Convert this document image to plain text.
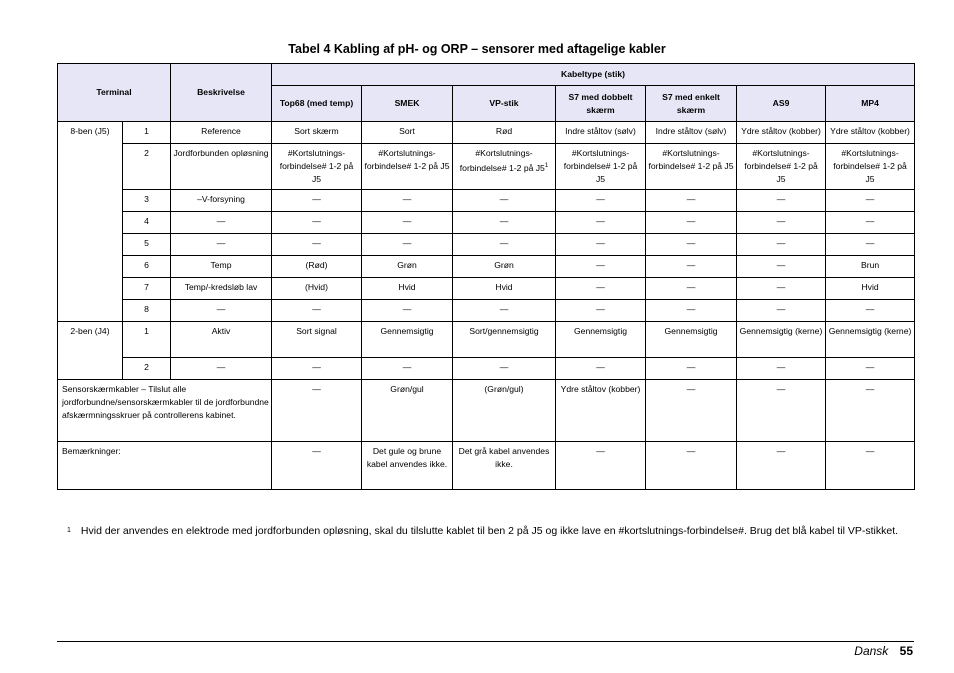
Tabel 4 Kabling af pH- og ORP – sensorer med aftagelige kabler
Terminal		Beskrivelse	Kabeltype (stik)						
			Top68 (med temp)	SMEK	VP-stik	S7 med dobbelt skærm	S7 med enkelt skærm	AS9	MP4
8-ben (J5)	1	Reference	Sort skærm	Sort	Rød	Indre ståltov (sølv)	Indre ståltov (sølv)	Ydre ståltov (kobber)	Ydre ståltov (kobber)
	2	Jordforbunden opløsning	#Kortslutnings-forbindelse# 1-2 på J5	#Kortslutnings-forbindelse# 1-2 på J5	#Kortslutnings-forbindelse# 1-2 på J5$^1$	#Kortslutnings-forbindelse# 1-2 på J5	#Kortslutnings-forbindelse# 1-2 på J5	#Kortslutnings-forbindelse# 1-2 på J5	#Kortslutnings-forbindelse# 1-2 på J5
	3	–V-forsyning	—	—	—	—	—	—	—
	4	—	—	—	—	—	—	—	—
	5	—	—	—	—	—	—	—	—
	6	Temp	(Rød)	Grøn	Grøn	—	—	—	Brun
	7	Temp/-kredsløb lav	(Hvid)	Hvid	Hvid	—	—	—	Hvid
	8	—	—	—	—	—	—	—	—
2-ben (J4)	1	Aktiv	Sort signal	Gennemsigtig	Sort/gennemsigtig	Gennemsigtig	Gennemsigtig	Gennemsigtig (kerne)	Gennemsigtig (kerne)
	2	—	—	—	—	—	—	—	—
Sensorskærmkabler – Tilslut alle jordforbundne/sensorskærmkabler til de jordforbundne afskærmningsskruer på controllerens kabinet.			—	Grøn/gul	(Grøn/gul)	Ydre ståltov (kobber)	—	—	—
Bemærkninger:			—	Det gule og brune kabel anvendes ikke.	Det grå kabel anvendes ikke.	—	—	—	—
$^1$ Hvid der anvendes en elektrode med jordforbunden opløsning, skal du tilslutte kablet til ben 2 på J5 og ikke lave en #kortslutnings-forbindelse#. Brug det blå kabel til VP-stikket.
Dansk 55
